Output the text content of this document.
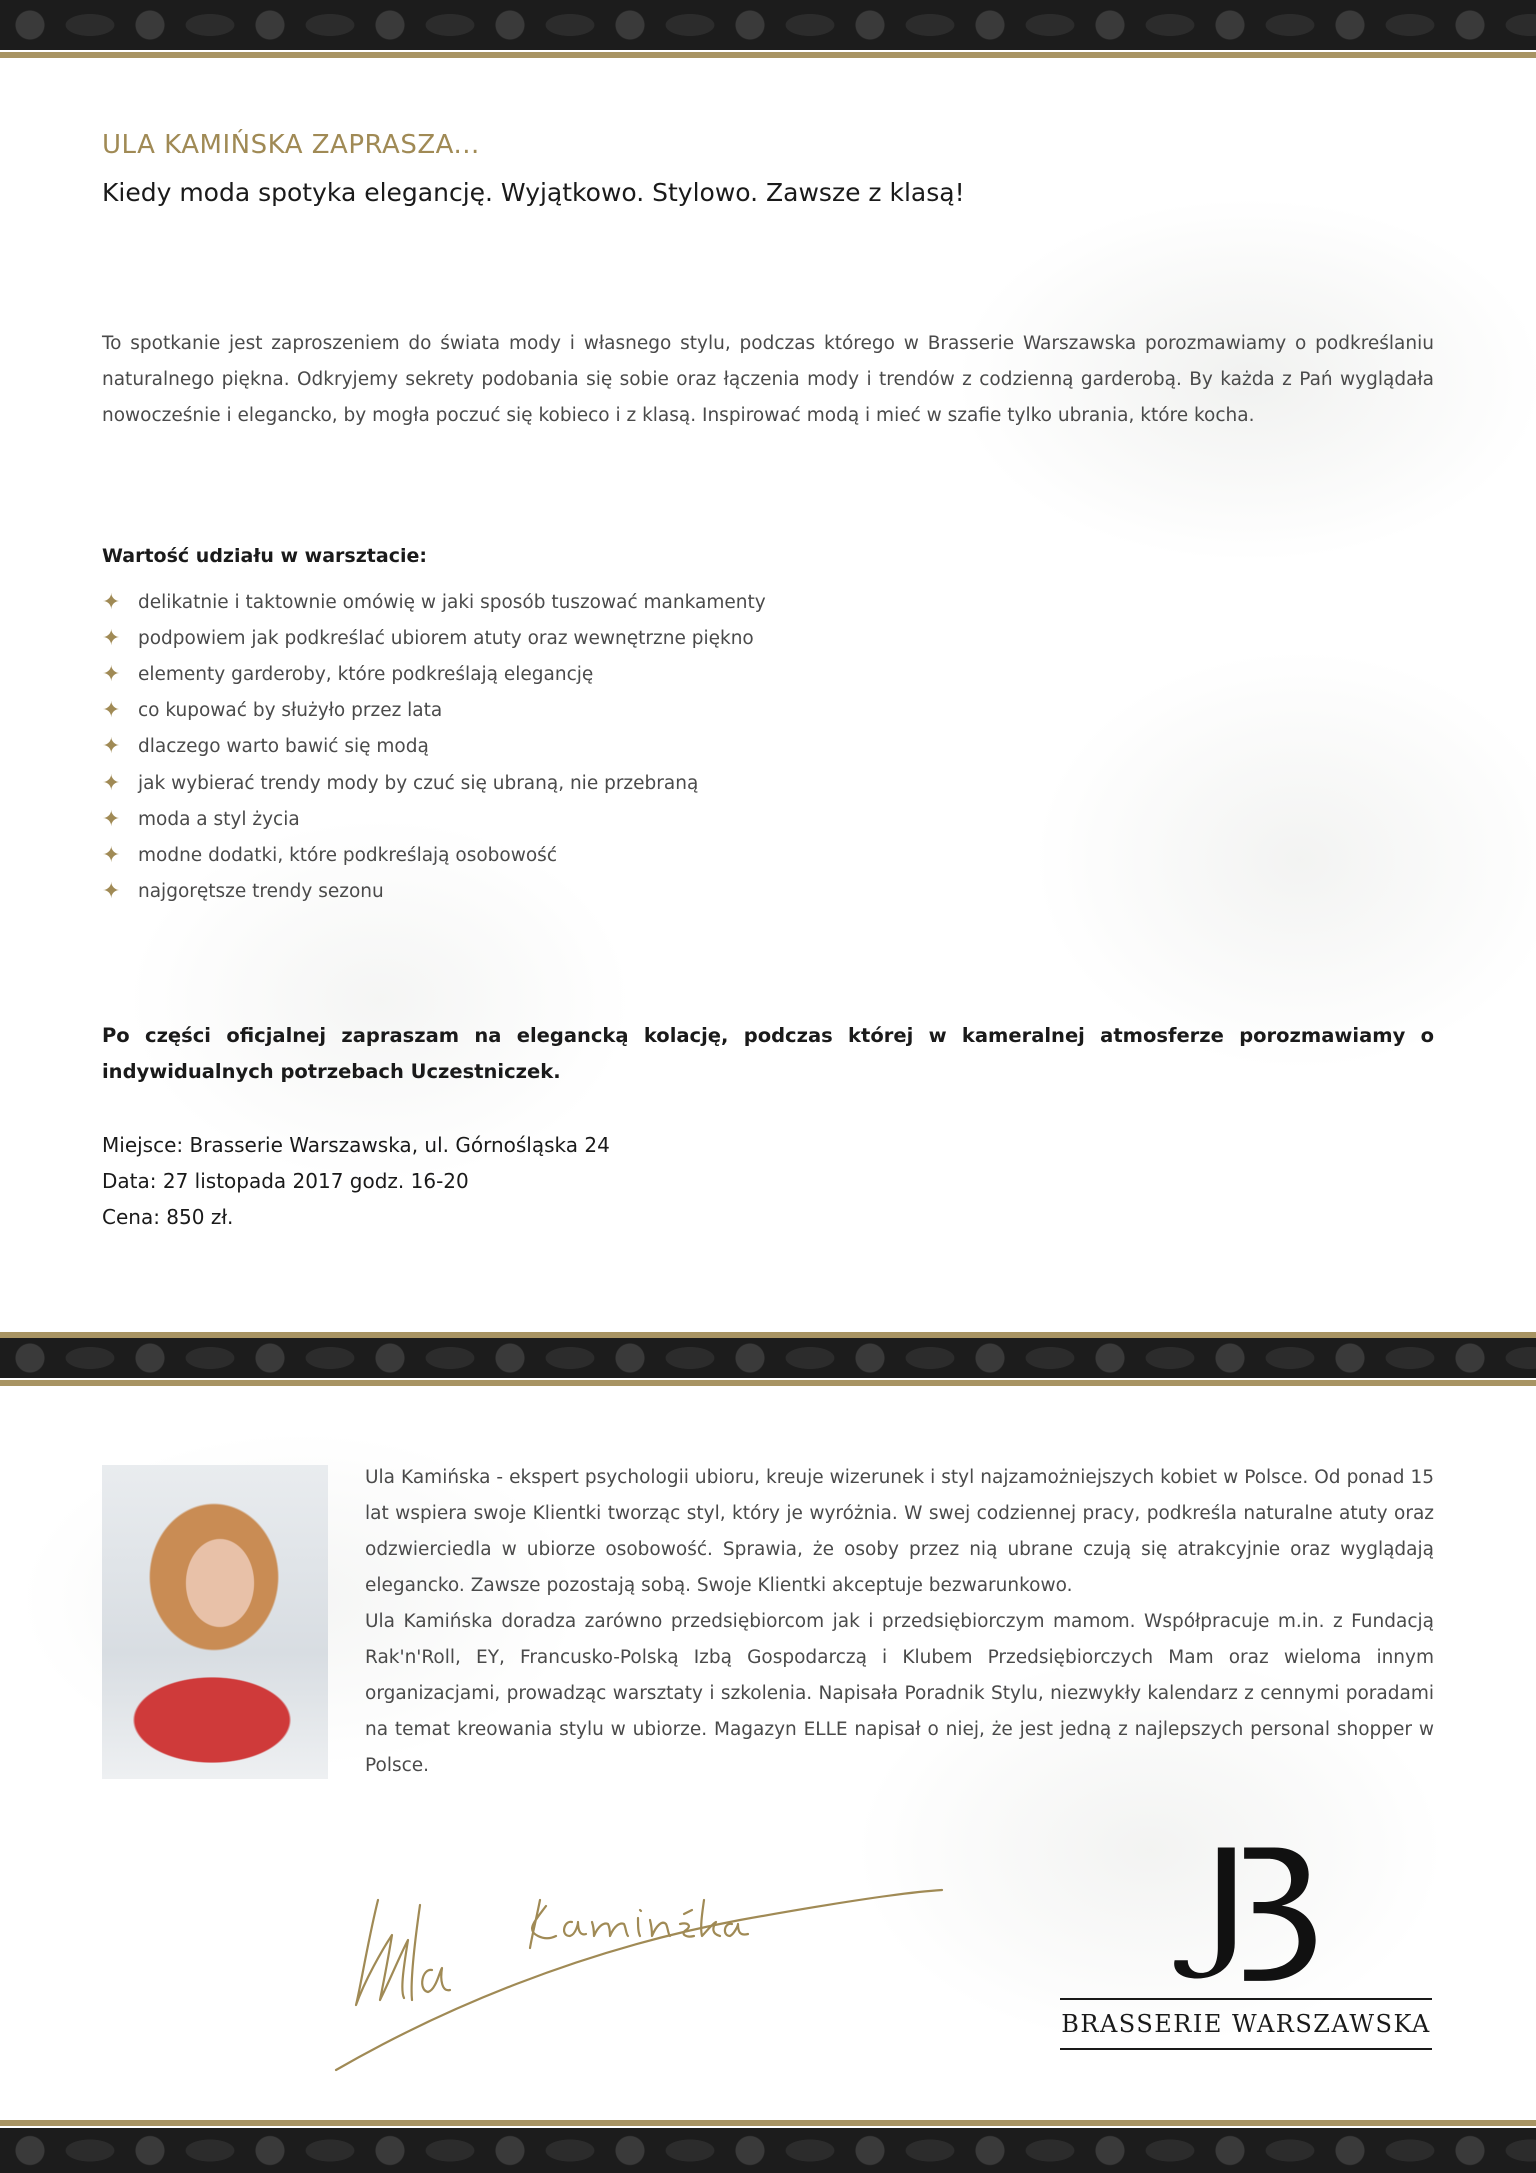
ULA KAMIŃSKA ZAPRASZA...
Kiedy moda spotyka elegancję. Wyjątkowo. Stylowo. Zawsze z klasą!

To spotkanie jest zaproszeniem do świata mody i własnego stylu, podczas którego w Brasserie Warszawska porozmawiamy o podkreślaniu naturalnego piękna. Odkryjemy sekrety podobania się sobie oraz łączenia mody i trendów z codzienną garderobą. By każda z Pań wyglądała nowocześnie i elegancko, by mogła poczuć się kobieco i z klasą. Inspirować modą i mieć w szafie tylko ubrania, które kocha.

Wartość udziału w warsztacie:

✦ delikatnie i taktownie omówię w jaki sposób tuszować mankamenty
✦ podpowiem jak podkreślać ubiorem atuty oraz wewnętrzne piękno
✦ elementy garderoby, które podkreślają elegancję
✦ co kupować by służyło przez lata
✦ dlaczego warto bawić się modą
✦ jak wybierać trendy mody by czuć się ubraną, nie przebraną
✦ moda a styl życia
✦ modne dodatki, które podkreślają osobowość
✦ najgorętsze trendy sezonu

Po części oficjalnej zapraszam na elegancką kolację, podczas której w kameralnej atmosferze porozmawiamy o indywidualnych potrzebach Uczestniczek.

Miejsce: Brasserie Warszawska, ul. Górnośląska 24
Data: 27 listopada 2017 godz. 16-20
Cena: 850 zł.
Ula Kamińska - ekspert psychologii ubioru, kreuje wizerunek i styl najzamożniejszych kobiet w Polsce. Od ponad 15 lat wspiera swoje Klientki tworząc styl, który je wyróżnia. W swej codziennej pracy, podkreśla naturalne atuty oraz odzwierciedla w ubiorze osobowość. Sprawia, że osoby przez nią ubrane czują się atrakcyjnie oraz wyglądają elegancko. Zawsze pozostają sobą. Swoje Klientki akceptuje bezwarunkowo.
Ula Kamińska doradza zarówno przedsiębiorcom jak i przedsiębiorczym mamom. Współpracuje m.in. z Fundacją Rak'n'Roll, EY, Francusko-Polską Izbą Gospodarczą i Klubem Przedsiębiorczych Mam oraz wieloma innym organizacjami, prowadząc warsztaty i szkolenia. Napisała Poradnik Stylu, niezwykły kalendarz z cennymi poradami na temat kreowania stylu w ubiorze. Magazyn ELLE napisał o niej, że jest jedną z najlepszych personal shopper w Polsce.
BRASSERIE WARSZAWSKA
